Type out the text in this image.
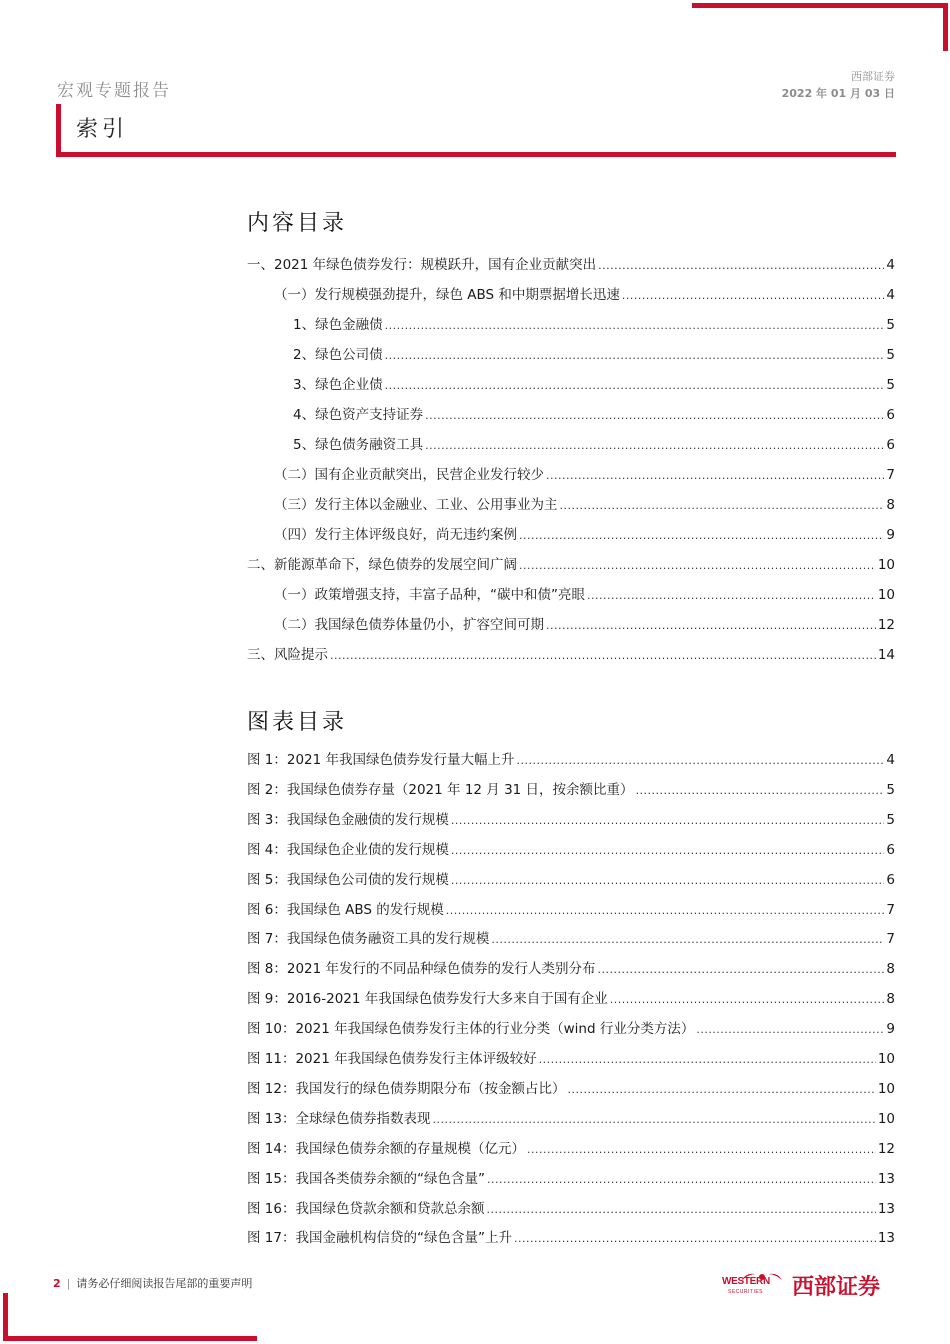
宏观专题报告
西部证券
2022 年 01 月 03 日
索引
内容目录
一、2021 年绿色债券发行：规模跃升，国有企业贡献突出 .....	4
（一）发行规模强劲提升，绿色 ABS 和中期票据增长迅速 .....	4
1、绿色金融债 .....	5
2、绿色公司债 .....	5
3、绿色企业债 .....	5
4、绿色资产支持证券 .....	6
5、绿色债务融资工具 .....	6
（二）国有企业贡献突出，民营企业发行较少 .....	7
（三）发行主体以金融业、工业、公用事业为主 .....	8
（四）发行主体评级良好，尚无违约案例 .....	9
二、新能源革命下，绿色债券的发展空间广阔 .....	10
（一）政策增强支持，丰富子品种，“碳中和债”亮眼 .....	10
（二）我国绿色债券体量仍小，扩容空间可期 .....	12
三、风险提示 .....	14
图表目录
图 1：2021 年我国绿色债券发行量大幅上升 .....	4
图 2：我国绿色债券存量（2021 年 12 月 31 日，按余额比重） .....	5
图 3：我国绿色金融债的发行规模 .....	5
图 4：我国绿色企业债的发行规模 .....	6
图 5：我国绿色公司债的发行规模 .....	6
图 6：我国绿色 ABS 的发行规模 .....	7
图 7：我国绿色债务融资工具的发行规模 .....	7
图 8：2021 年发行的不同品种绿色债券的发行人类别分布 .....	8
图 9：2016-2021 年我国绿色债券发行大多来自于国有企业 .....	8
图 10：2021 年我国绿色债券发行主体的行业分类（wind 行业分类方法） .....	9
图 11：2021 年我国绿色债券发行主体评级较好 .....	10
图 12：我国发行的绿色债券期限分布（按金额占比） .....	10
图 13：全球绿色债券指数表现 .....	10
图 14：我国绿色债券余额的存量规模（亿元） .....	12
图 15：我国各类债券余额的“绿色含量” .....	13
图 16：我国绿色贷款余额和贷款总余额 .....	13
图 17：我国金融机构信贷的“绿色含量”上升 .....	13
2 | 请务必仔细阅读报告尾部的重要声明	WESTERN
SECURITIES 西部证券
